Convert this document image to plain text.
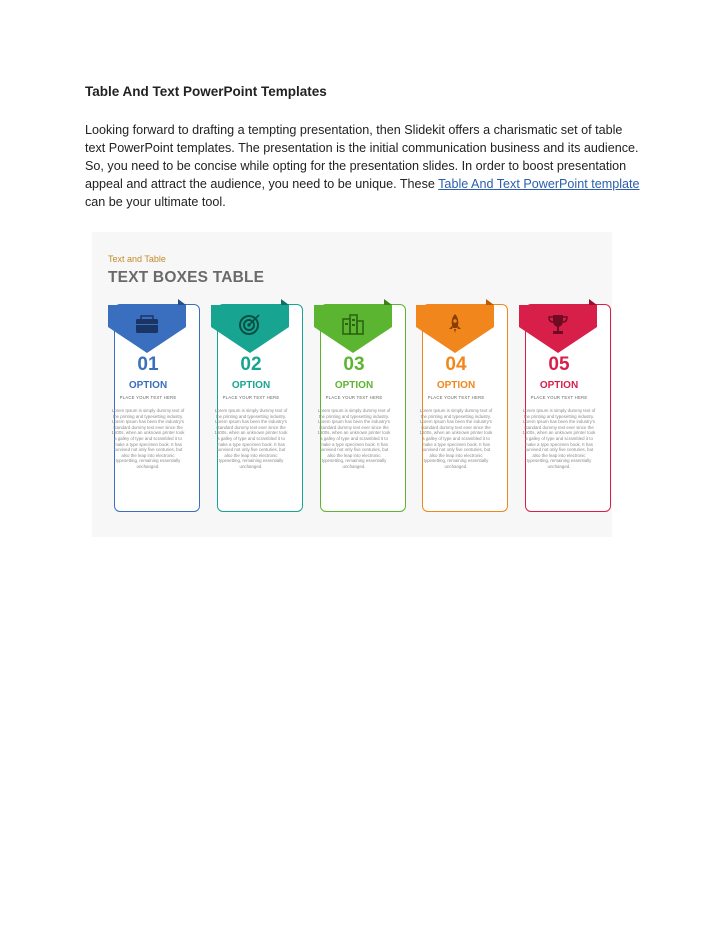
Table And Text PowerPoint Templates
Looking forward to drafting a tempting presentation, then Slidekit offers a charismatic set of table text PowerPoint templates. The presentation is the initial communication business and its audience. So, you need to be concise while opting for the presentation slides. In order to boost presentation appeal and attract the audience, you need to be unique. These Table And Text PowerPoint template can be your ultimate tool.
Text and Table
TEXT BOXES TABLE
01
OPTION
PLACE YOUR TEXT HERE
Lorem Ipsum is simply dummy text of the printing and typesetting industry. Lorem Ipsum has been the industry's standard dummy text ever since the 1500s, when an unknown printer took a galley of type and scrambled it to make a type specimen book. It has survived not only five centuries, but also the leap into electronic typesetting, remaining essentially unchanged.
02
OPTION
PLACE YOUR TEXT HERE
Lorem Ipsum is simply dummy text of the printing and typesetting industry. Lorem Ipsum has been the industry's standard dummy text ever since the 1500s, when an unknown printer took a galley of type and scrambled it to make a type specimen book. It has survived not only five centuries, but also the leap into electronic typesetting, remaining essentially unchanged.
03
OPTION
PLACE YOUR TEXT HERE
Lorem Ipsum is simply dummy text of the printing and typesetting industry. Lorem Ipsum has been the industry's standard dummy text ever since the 1500s, when an unknown printer took a galley of type and scrambled it to make a type specimen book. It has survived not only five centuries, but also the leap into electronic typesetting, remaining essentially unchanged.
04
OPTION
PLACE YOUR TEXT HERE
Lorem Ipsum is simply dummy text of the printing and typesetting industry. Lorem Ipsum has been the industry's standard dummy text ever since the 1500s, when an unknown printer took a galley of type and scrambled it to make a type specimen book. It has survived not only five centuries, but also the leap into electronic typesetting, remaining essentially unchanged.
05
OPTION
PLACE YOUR TEXT HERE
Lorem Ipsum is simply dummy text of the printing and typesetting industry. Lorem Ipsum has been the industry's standard dummy text ever since the 1500s, when an unknown printer took a galley of type and scrambled it to make a type specimen book. It has survived not only five centuries, but also the leap into electronic typesetting, remaining essentially unchanged.
